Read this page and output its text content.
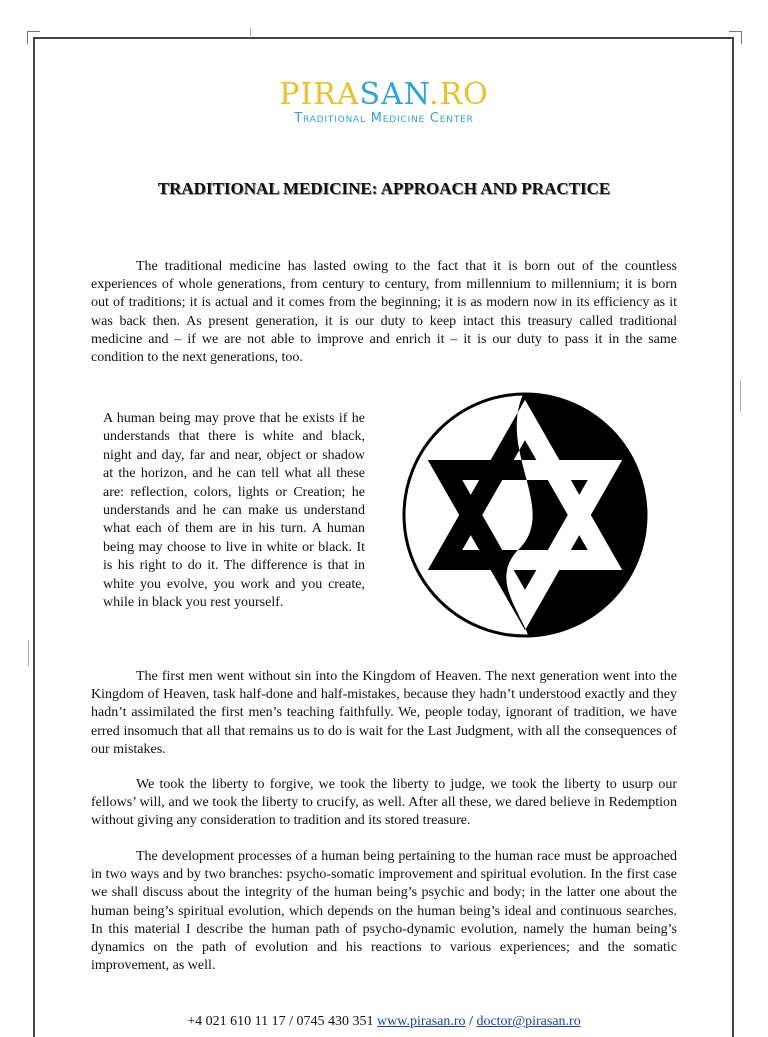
PIRASAN.RO
Traditional Medicine Center
TRADITIONAL MEDICINE: APPROACH AND PRACTICE

The traditional medicine has lasted owing to the fact that it is born out of the countless experiences of whole generations, from century to century, from millennium to millennium; it is born out of traditions; it is actual and it comes from the beginning; it is as modern now in its efficiency as it was back then. As present generation, it is our duty to keep intact this treasury called traditional medicine and – if we are not able to improve and enrich it – it is our duty to pass it in the same condition to the next generations, too.

A human being may prove that he exists if he understands that there is white and black, night and day, far and near, object or shadow at the horizon, and he can tell what all these are: reflection, colors, lights or Creation; he understands and he can make us understand what each of them are in his turn. A human being may choose to live in white or black. It is his right to do it. The difference is that in white you evolve, you work and you create, while in black you rest yourself.

The first men went without sin into the Kingdom of Heaven. The next generation went into the Kingdom of Heaven, task half-done and half-mistakes, because they hadn’t understood exactly and they hadn’t assimilated the first men’s teaching faithfully. We, people today, ignorant of tradition, we have erred insomuch that all that remains us to do is wait for the Last Judgment, with all the consequences of our mistakes.

We took the liberty to forgive, we took the liberty to judge, we took the liberty to usurp our fellows’ will, and we took the liberty to crucify, as well. After all these, we dared believe in Redemption without giving any consideration to tradition and its stored treasure.

The development processes of a human being pertaining to the human race must be approached in two ways and by two branches: psycho-somatic improvement and spiritual evolution. In the first case we shall discuss about the integrity of the human being’s psychic and body; in the latter one about the human being’s spiritual evolution, which depends on the human being’s ideal and continuous searches. In this material I describe the human path of psycho-dynamic evolution, namely the human being’s dynamics on the path of evolution and his reactions to various experiences; and the somatic improvement, as well.

+4 021 610 11 17 / 0745 430 351 www.pirasan.ro / doctor@pirasan.ro
